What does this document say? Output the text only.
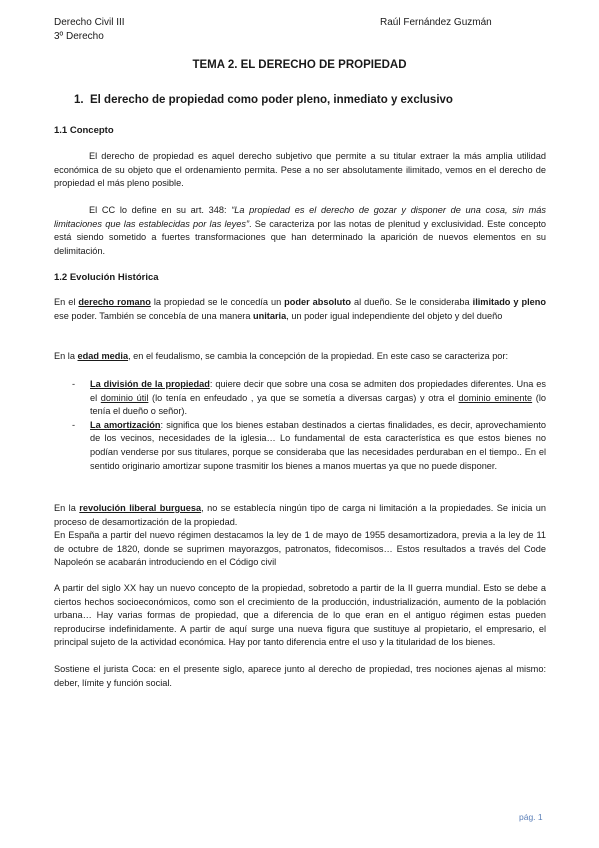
Derecho Civil III
3º Derecho
Raúl Fernández Guzmán
TEMA 2. EL DERECHO DE PROPIEDAD
1. El derecho de propiedad como poder pleno, inmediato y exclusivo
1.1 Concepto

El derecho de propiedad es aquel derecho subjetivo que permite a su titular extraer la más amplia utilidad económica de su objeto que el ordenamiento permita. Pese a no ser absolutamente ilimitado, vemos en el derecho de propiedad el más pleno posible.

El CC lo define en su art. 348: “La propiedad es el derecho de gozar y disponer de una cosa, sin más limitaciones que las establecidas por las leyes”. Se caracteriza por las notas de plenitud y exclusividad. Este concepto está siendo sometido a fuertes transformaciones que han determinado la aparición de nuevos elementos en su delimitación.

1.2 Evolución Histórica

En el derecho romano la propiedad se le concedía un poder absoluto al dueño. Se le consideraba ilimitado y pleno ese poder. También se concebía de una manera unitaria, un poder igual independiente del objeto y del dueño

En la edad media, en el feudalismo, se cambia la concepción de la propiedad. En este caso se caracteriza por:

- La división de la propiedad: quiere decir que sobre una cosa se admiten dos propiedades diferentes. Una es el dominio útil (lo tenía en enfeudado , ya que se sometía a diversas cargas) y otra el dominio eminente (lo tenía el dueño o señor).
- La amortización: significa que los bienes estaban destinados a ciertas finalidades, es decir, aprovechamiento de los vecinos, necesidades de la iglesia… Lo fundamental de esta característica es que estos bienes no podían venderse por sus titulares, porque se consideraba que las necesidades perduraban en el tiempo.. En el sentido originario amortizar supone trasmitir los bienes a manos muertas ya que no puede disponer.

En la revolución liberal burguesa, no se establecía ningún tipo de carga ni limitación a la propiedades. Se inicia un proceso de desamortización de la propiedad.

En España a partir del nuevo régimen destacamos la ley de 1 de mayo de 1955 desamortizadora, previa a la ley de 11 de octubre de 1820, donde se suprimen mayorazgos, patronatos, fidecomisos… Estos resultados a través del Code Napoleón se acabarán introduciendo en el Código civil

A partir del siglo XX hay un nuevo concepto de la propiedad, sobretodo a partir de la II guerra mundial. Esto se debe a ciertos hechos socioeconómicos, como son el crecimiento de la producción, industrialización, aumento de la población urbana… Hay varias formas de propiedad, que a diferencia de lo que eran en el antiguo régimen estas pueden reproducirse indefinidamente. A partir de aquí surge una nueva figura que sustituye al propietario, el empresario, el principal sujeto de la actividad económica. Hay por tanto diferencia entre el uso y la titularidad de los bienes.

Sostiene el jurista Coca: en el presente siglo, aparece junto al derecho de propiedad, tres nociones ajenas al mismo: deber, límite y función social.

pág. 1
